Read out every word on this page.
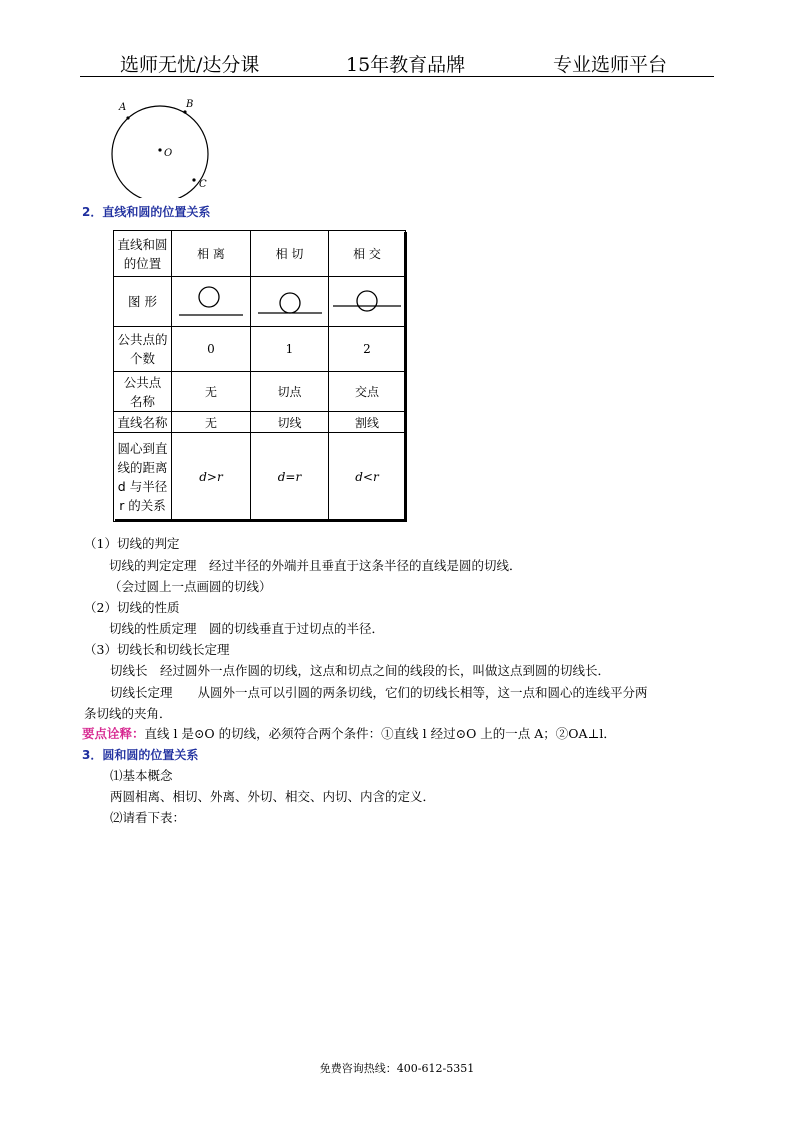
选师无忧/达分课	15年教育品牌	专业选师平台
A	B
C
O
2．直线和圆的位置关系
直线和圆
的位置	相 离	相 切	相 交
图 形			

公共点的
个数	0	1	2

公共点
名称	无	切点	交点
直线名称	无	切线	割线

圆心到直
线的距离
d 与半径
r 的关系	d>r	d=r	d<r
（1）切线的判定
切线的判定定理　经过半径的外端并且垂直于这条半径的直线是圆的切线．
（会过圆上一点画圆的切线）
（2）切线的性质
切线的性质定理　圆的切线垂直于过切点的半径．
（3）切线长和切线长定理
切线长　经过圆外一点作圆的切线，这点和切点之间的线段的长，叫做这点到圆的切线长．
切线长定理　　从圆外一点可以引圆的两条切线，它们的切线长相等，这一点和圆心的连线平分两
条切线的夹角．
要点诠释：直线 l 是⊙O 的切线，必须符合两个条件：①直线 l 经过⊙O 上的一点 A；②OA⊥l．
3．圆和圆的位置关系
⑴基本概念
两圆相离、相切、外离、外切、相交、内切、内含的定义．
⑵请看下表：
免费咨询热线：400-612-5351
